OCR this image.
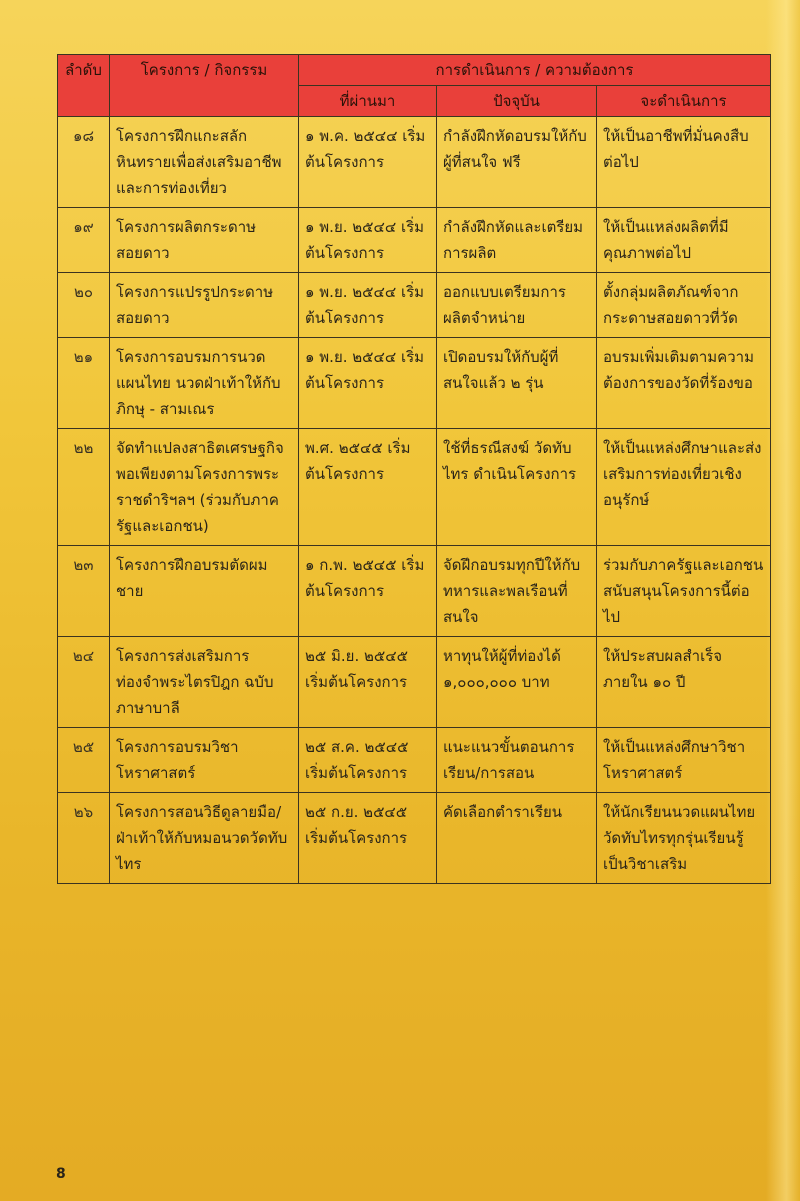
ลำดับ	โครงการ / กิจกรรม	การดำเนินการ / ความต้องการ		
		ที่ผ่านมา	ปัจจุบัน	จะดำเนินการ
๑๘	โครงการฝึกแกะสลักหินทรายเพื่อส่งเสริมอาชีพและการท่องเที่ยว	๑ พ.ค. ๒๕๔๔ เริ่มต้นโครงการ	กำลังฝึกหัดอบรมให้กับผู้ที่สนใจ ฟรี	ให้เป็นอาชีพที่มั่นคงสืบต่อไป
๑๙	โครงการผลิตกระดาษสอยดาว	๑ พ.ย. ๒๕๔๔ เริ่มต้นโครงการ	กำลังฝึกหัดและเตรียมการผลิต	ให้เป็นแหล่งผลิตที่มีคุณภาพต่อไป
๒๐	โครงการแปรรูปกระดาษสอยดาว	๑ พ.ย. ๒๕๔๔ เริ่มต้นโครงการ	ออกแบบเตรียมการผลิตจำหน่าย	ตั้งกลุ่มผลิตภัณฑ์จากกระดาษสอยดาวที่วัด
๒๑	โครงการอบรมการนวดแผนไทย นวดฝ่าเท้าให้กับภิกษุ - สามเณร	๑ พ.ย. ๒๕๔๔ เริ่มต้นโครงการ	เปิดอบรมให้กับผู้ที่สนใจแล้ว ๒ รุ่น	อบรมเพิ่มเติมตามความต้องการของวัดที่ร้องขอ
๒๒	จัดทำแปลงสาธิตเศรษฐกิจพอเพียงตามโครงการพระราชดำริฯลฯ (ร่วมกับภาครัฐและเอกชน)	พ.ศ. ๒๕๔๕ เริ่มต้นโครงการ	ใช้ที่ธรณีสงฆ์ วัดทับไทร ดำเนินโครงการ	ให้เป็นแหล่งศึกษาและส่งเสริมการท่องเที่ยวเชิงอนุรักษ์
๒๓	โครงการฝึกอบรมตัดผมชาย	๑ ก.พ. ๒๕๔๕ เริ่มต้นโครงการ	จัดฝึกอบรมทุกปีให้กับทหารและพลเรือนที่สนใจ	ร่วมกับภาครัฐและเอกชนสนับสนุนโครงการนี้ต่อไป
๒๔	โครงการส่งเสริมการท่องจำพระไตรปิฎก ฉบับภาษาบาลี	๒๕ มิ.ย. ๒๕๔๕ เริ่มต้นโครงการ	หาทุนให้ผู้ที่ท่องได้ ๑,๐๐๐,๐๐๐ บาท	ให้ประสบผลสำเร็จภายใน ๑๐ ปี
๒๕	โครงการอบรมวิชาโหราศาสตร์	๒๕ ส.ค. ๒๕๔๕ เริ่มต้นโครงการ	แนะแนวขั้นตอนการเรียน/การสอน	ให้เป็นแหล่งศึกษาวิชาโหราศาสตร์
๒๖	โครงการสอนวิธีดูลายมือ/ฝ่าเท้าให้กับหมอนวดวัดทับไทร	๒๕ ก.ย. ๒๕๔๕ เริ่มต้นโครงการ	คัดเลือกตำราเรียน	ให้นักเรียนนวดแผนไทยวัดทับไทรทุกรุ่นเรียนรู้เป็นวิชาเสริม
8
